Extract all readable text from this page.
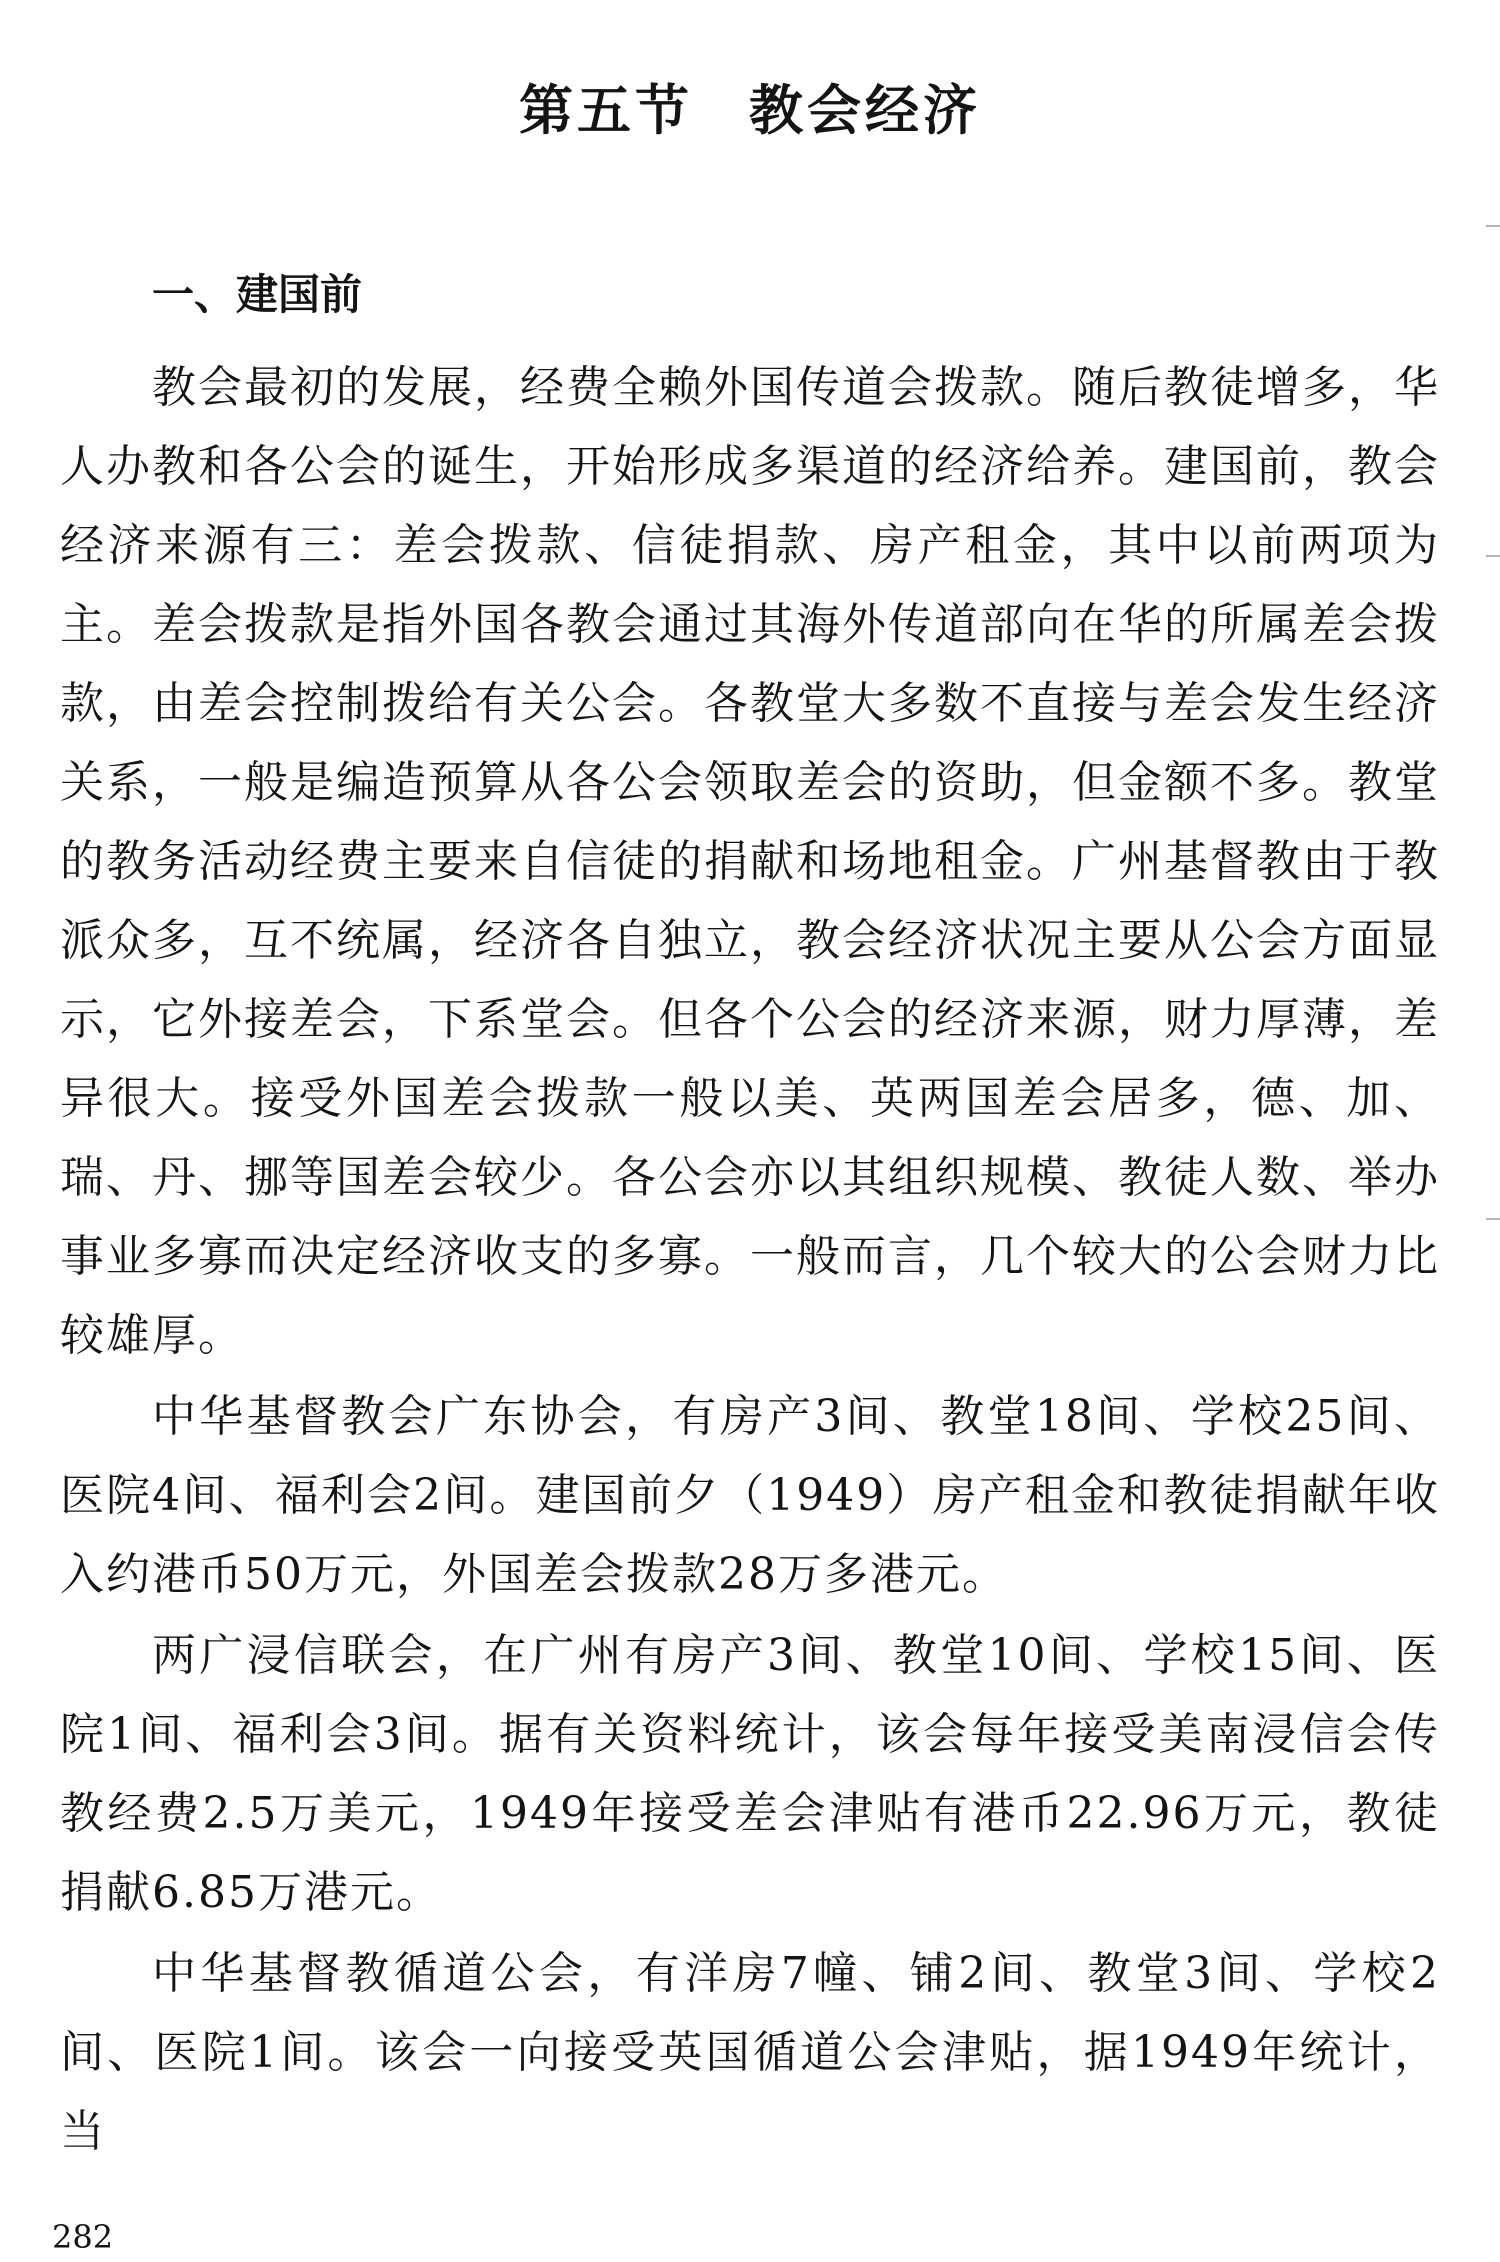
第五节 教会经济
一、建国前

教会最初的发展，经费全赖外国传道会拨款。随后教徒增多，华人办教和各公会的诞生，开始形成多渠道的经济给养。建国前，教会经济来源有三：差会拨款、信徒捐款、房产租金，其中以前两项为主。差会拨款是指外国各教会通过其海外传道部向在华的所属差会拨款，由差会控制拨给有关公会。各教堂大多数不直接与差会发生经济关系，一般是编造预算从各公会领取差会的资助，但金额不多。教堂的教务活动经费主要来自信徒的捐献和场地租金。广州基督教由于教派众多，互不统属，经济各自独立，教会经济状况主要从公会方面显示，它外接差会，下系堂会。但各个公会的经济来源，财力厚薄，差异很大。接受外国差会拨款一般以美、英两国差会居多，德、加、瑞、丹、挪等国差会较少。各公会亦以其组织规模、教徒人数、举办事业多寡而决定经济收支的多寡。一般而言，几个较大的公会财力比较雄厚。

中华基督教会广东协会，有房产3间、教堂18间、学校25间、医院4间、福利会2间。建国前夕（1949）房产租金和教徒捐献年收入约港币50万元，外国差会拨款28万多港元。

两广浸信联会，在广州有房产3间、教堂10间、学校15间、医院1间、福利会3间。据有关资料统计，该会每年接受美南浸信会传教经费2.5万美元，1949年接受差会津贴有港币22.96万元，教徒捐献6.85万港元。

中华基督教循道公会，有洋房7幢、铺2间、教堂3间、学校2间、医院1间。该会一向接受英国循道公会津贴，据1949年统计，当

282
